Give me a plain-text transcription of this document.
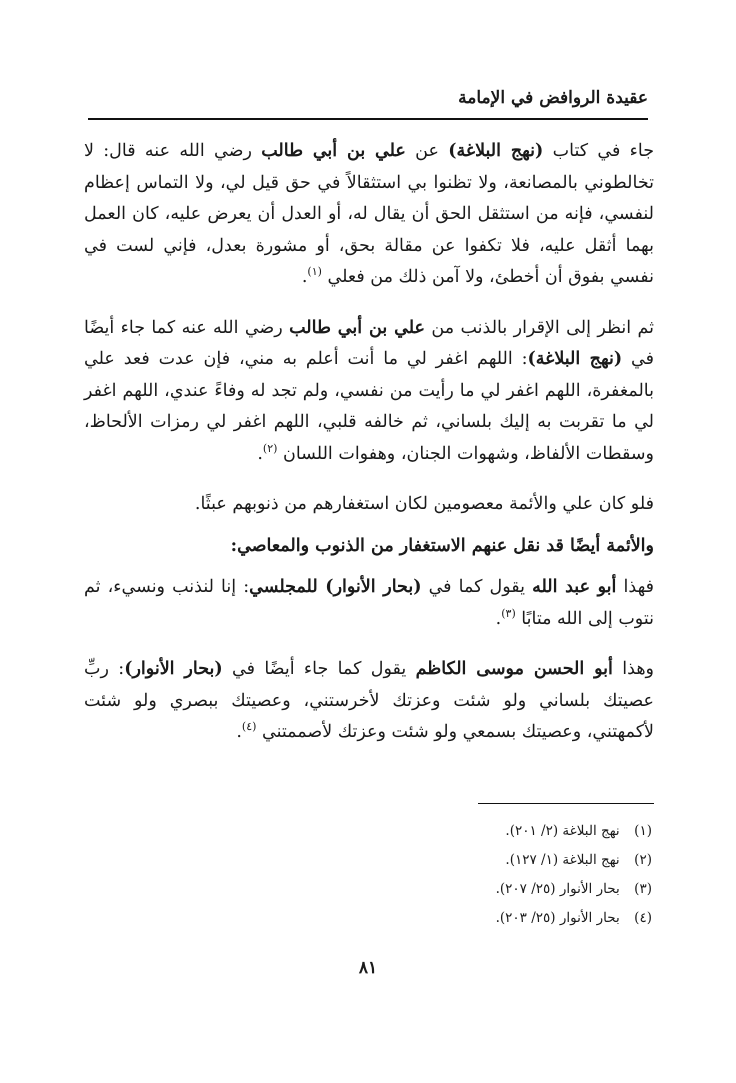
عقيدة الروافض في الإمامة

جاء في كتاب (نهج البلاغة) عن علي بن أبي طالب رضي الله عنه قال: لا تخالطوني بالمصانعة، ولا تظنوا بي استثقالاً في حق قيل لي، ولا التماس إعظام لنفسي، فإنه من استثقل الحق أن يقال له، أو العدل أن يعرض عليه، كان العمل بهما أثقل عليه، فلا تكفوا عن مقالة بحق، أو مشورة بعدل، فإني لست في نفسي بفوق أن أخطئ، ولا آمن ذلك من فعلي $^{(١)}$.

ثم انظر إلى الإقرار بالذنب من علي بن أبي طالب رضي الله عنه كما جاء أيضًا في (نهج البلاغة): اللهم اغفر لي ما أنت أعلم به مني، فإن عدت فعد علي بالمغفرة، اللهم اغفر لي ما رأيت من نفسي، ولم تجد له وفاءً عندي، اللهم اغفر لي ما تقربت به إليك بلساني، ثم خالفه قلبي، اللهم اغفر لي رمزات الألحاظ، وسقطات الألفاظ، وشهوات الجنان، وهفوات اللسان $^{(٢)}$.

فلو كان علي والأئمة معصومين لكان استغفارهم من ذنوبهم عبثًا.

والأئمة أيضًا قد نقل عنهم الاستغفار من الذنوب والمعاصي:

فهذا أبو عبد الله يقول كما في (بحار الأنوار) للمجلسي: إنا لنذنب ونسيء، ثم نتوب إلى الله متابًا $^{(٣)}$.

وهذا أبو الحسن موسى الكاظم يقول كما جاء أيضًا في (بحار الأنوار): ربِّ عصيتك بلساني ولو شئت وعزتك لأخرستني، وعصيتك ببصري ولو شئت لأكمهتني، وعصيتك بسمعي ولو شئت وعزتك لأصممتني $^{(٤)}$.

(١) نهج البلاغة (٢/ ٢٠١).
(٢) نهج البلاغة (١/ ١٢٧).
(٣) بحار الأنوار (٢٥/ ٢٠٧).
(٤) بحار الأنوار (٢٥/ ٢٠٣).
٨١
